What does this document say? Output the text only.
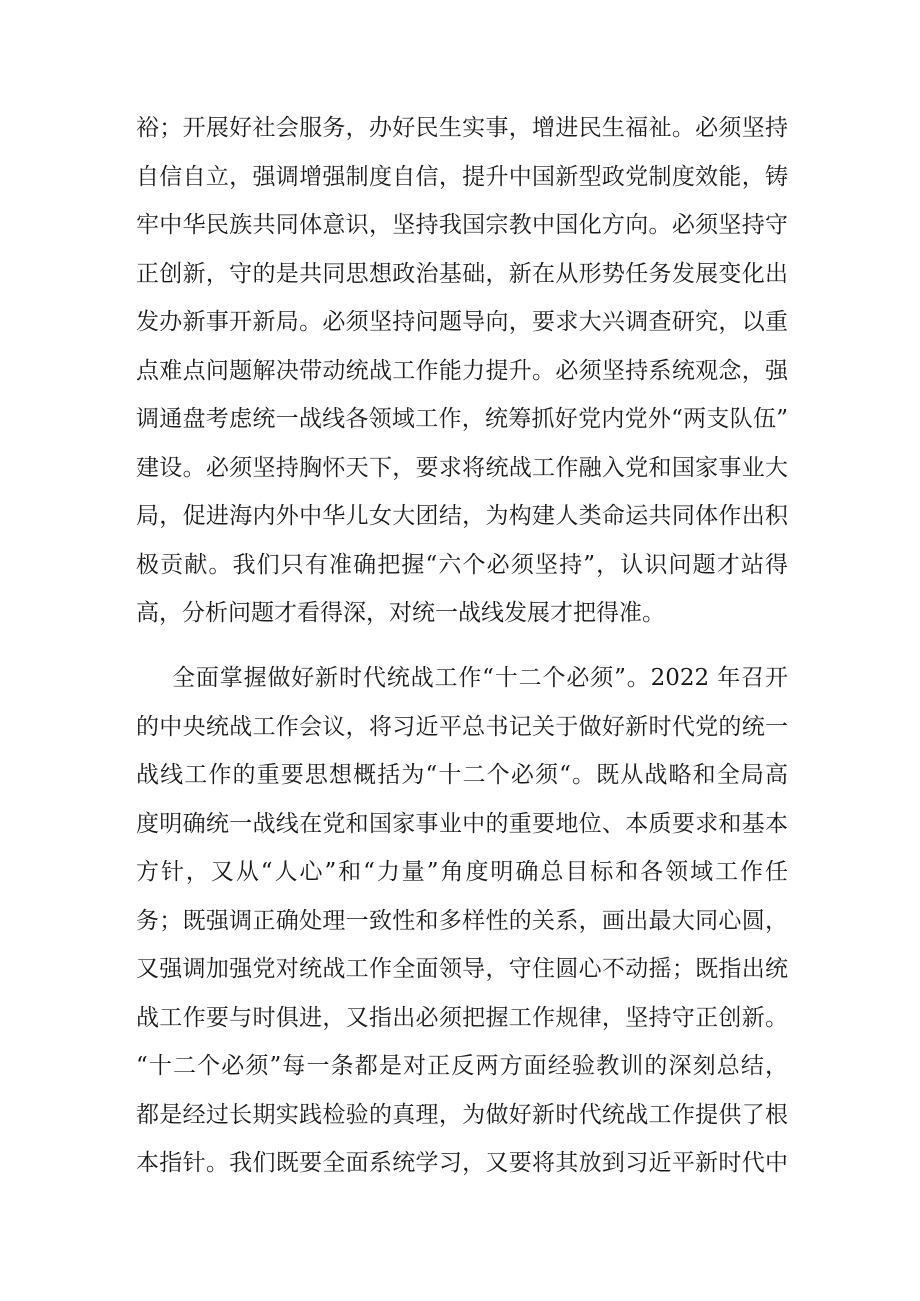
裕；开展好社会服务，办好民生实事，增进民生福祉。必须坚持
自信自立，强调增强制度自信，提升中国新型政党制度效能，铸
牢中华民族共同体意识，坚持我国宗教中国化方向。必须坚持守
正创新，守的是共同思想政治基础，新在从形势任务发展变化出
发办新事开新局。必须坚持问题导向，要求大兴调查研究，以重
点难点问题解决带动统战工作能力提升。必须坚持系统观念，强
调通盘考虑统一战线各领域工作，统筹抓好党内党外“两支队伍”
建设。必须坚持胸怀天下，要求将统战工作融入党和国家事业大
局，促进海内外中华儿女大团结，为构建人类命运共同体作出积
极贡献。我们只有准确把握“六个必须坚持”，认识问题才站得
高，分析问题才看得深，对统一战线发展才把得准。
全面掌握做好新时代统战工作“十二个必须”。2022 年召开
的中央统战工作会议，将习近平总书记关于做好新时代党的统一
战线工作的重要思想概括为“十二个必须“。既从战略和全局高
度明确统一战线在党和国家事业中的重要地位、本质要求和基本
方针，又从“人心”和“力量”角度明确总目标和各领域工作任
务；既强调正确处理一致性和多样性的关系，画出最大同心圆，
又强调加强党对统战工作全面领导，守住圆心不动摇；既指出统
战工作要与时俱进，又指出必须把握工作规律，坚持守正创新。
“十二个必须”每一条都是对正反两方面经验教训的深刻总结，
都是经过长期实践检验的真理，为做好新时代统战工作提供了根
本指针。我们既要全面系统学习，又要将其放到习近平新时代中
